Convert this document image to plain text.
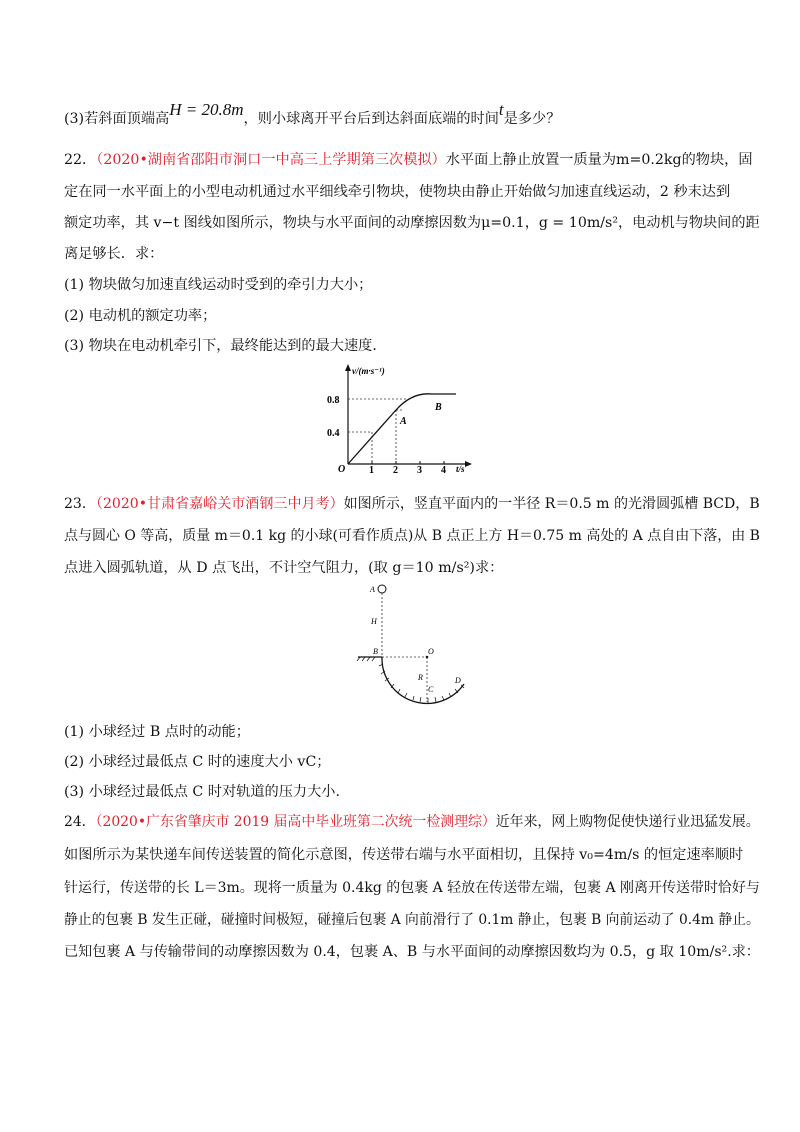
(3)若斜面顶端高H = 20.8m，则小球离开平台后到达斜面底端的时间t是多少？
22．（2020•湖南省邵阳市洞口一中高三上学期第三次模拟）水平面上静止放置一质量为m=0.2kg的物块，固
定在同一水平面上的小型电动机通过水平细线牵引物块，使物块由静止开始做匀加速直线运动，2 秒末达到
额定功率，其 v−t 图线如图所示，物块与水平面间的动摩擦因数为μ=0.1，g = 10m/s²，电动机与物块间的距
离足够长．求：
(1) 物块做匀加速直线运动时受到的牵引力大小；
(2) 电动机的额定功率；
(3) 物块在电动机牵引下，最终能达到的最大速度．
v/(m·s⁻¹)
t/s
O
0.8
0.4
1 2 3 4
A
B
23．（2020•甘肃省嘉峪关市酒钢三中月考）如图所示，竖直平面内的一半径 R＝0.5 m 的光滑圆弧槽 BCD，B
点与圆心 O 等高，质量 m＝0.1 kg 的小球(可看作质点)从 B 点正上方 H＝0.75 m 高处的 A 点自由下落，由 B
点进入圆弧轨道，从 D 点飞出，不计空气阻力，(取 g＝10 m/s²)求：
A
H
B	O
R
C
D
(1) 小球经过 B 点时的动能；
(2) 小球经过最低点 C 时的速度大小 vC；
(3) 小球经过最低点 C 时对轨道的压力大小.
24．（2020•广东省肇庆市 2019 届高中毕业班第二次统一检测理综）近年来，网上购物促使快递行业迅猛发展。
如图所示为某快递车间传送装置的简化示意图，传送带右端与水平面相切，且保持 v₀=4m/s 的恒定速率顺时
针运行，传送带的长 L＝3m。现将一质量为 0.4kg 的包裹 A 轻放在传送带左端，包裹 A 刚离开传送带时恰好与
静止的包裹 B 发生正碰，碰撞时间极短，碰撞后包裹 A 向前滑行了 0.1m 静止，包裹 B 向前运动了 0.4m 静止。
已知包裹 A 与传输带间的动摩擦因数为 0.4，包裹 A、B 与水平面间的动摩擦因数均为 0.5，g 取 10m/s².求：
